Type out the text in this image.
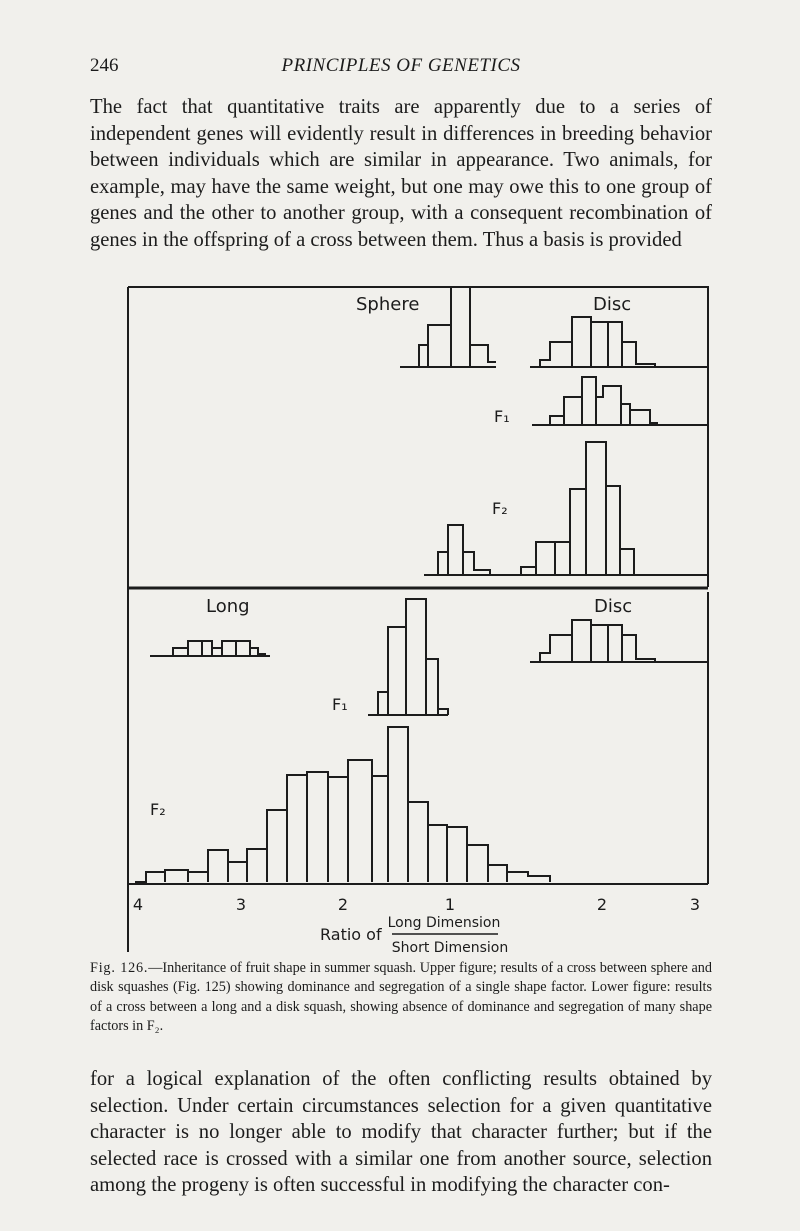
246	PRINCIPLES OF GENETICS

The fact that quantitative traits are apparently due to a series of independent genes will evidently result in differences in breeding behavior between individuals which are similar in appearance. Two animals, for example, may have the same weight, but one may owe this to one group of genes and the other to another group, with a consequent recombination of genes in the offspring of a cross between them. Thus a basis is provided

Sphere	Disc
F₁
F₂
Long	Disc
F₁
F₂
4	3	2	1	2	3
Ratio of
Long Dimension
Short Dimension
Fig. 126.—Inheritance of fruit shape in summer squash. Upper figure; results of a cross between sphere and disk squashes (Fig. 125) showing dominance and segregation of a single shape factor. Lower figure: results of a cross between a long and a disk squash, showing absence of dominance and segregation of many shape factors in F₂.

for a logical explanation of the often conflicting results obtained by selection. Under certain circumstances selection for a given quantitative character is no longer able to modify that character further; but if the selected race is crossed with a similar one from another source, selection among the progeny is often successful in modifying the character con-
